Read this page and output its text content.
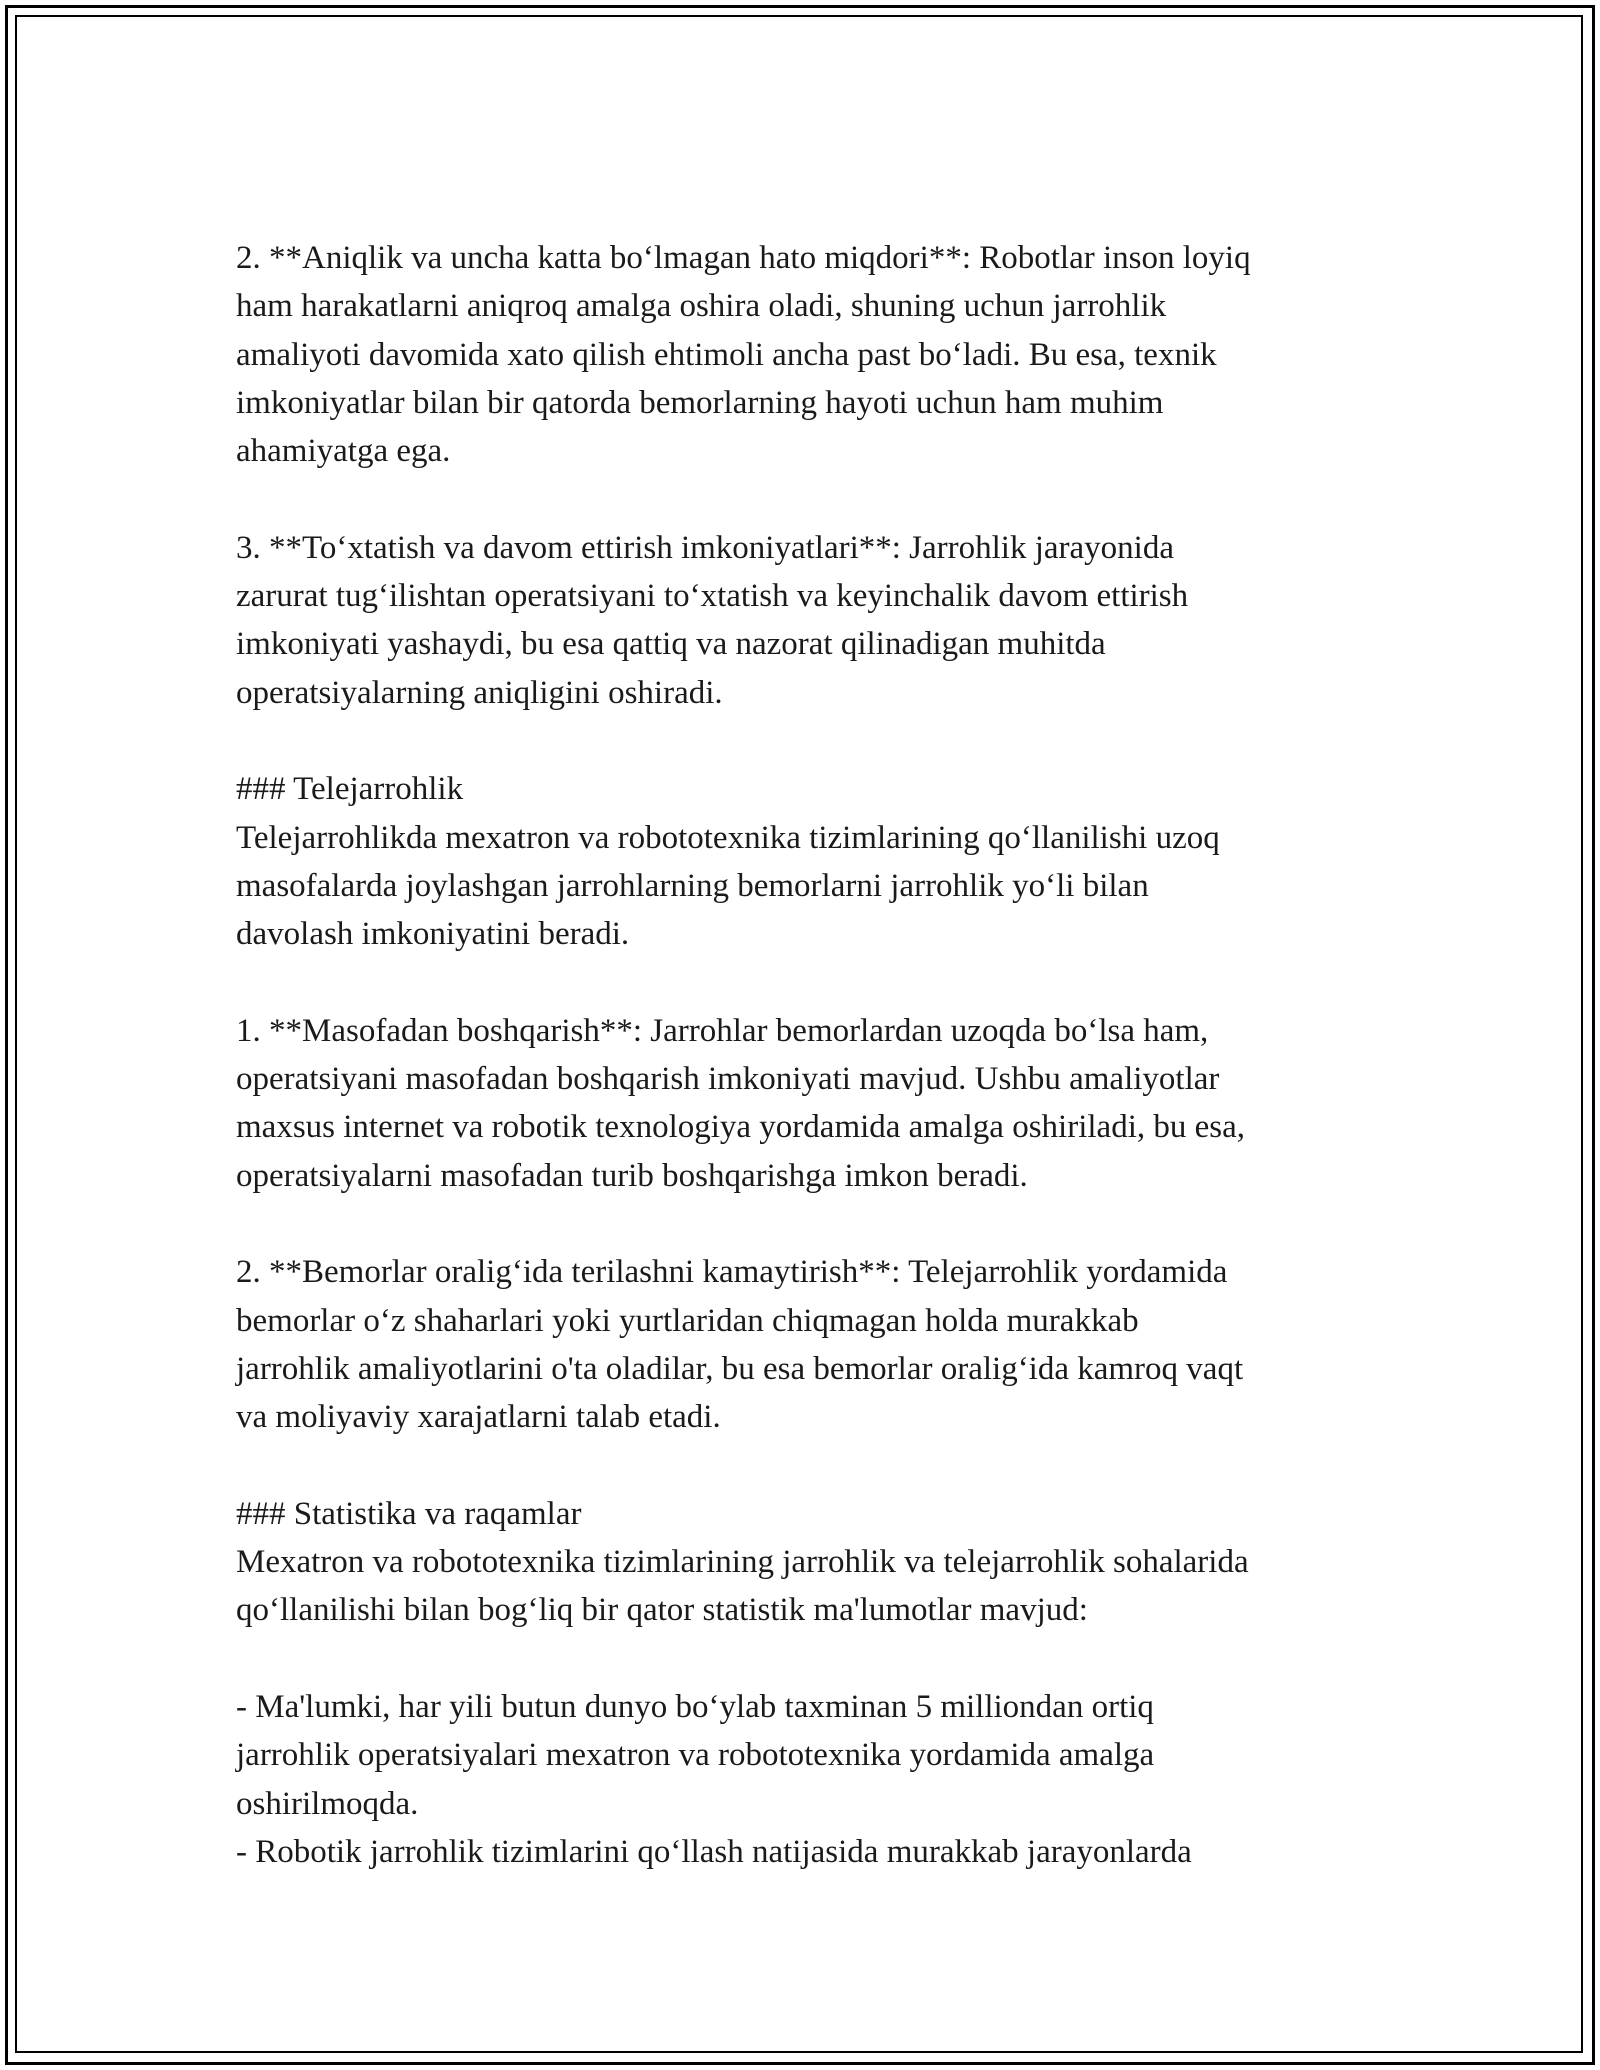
2. **Aniqlik va uncha katta bo‘lmagan hato miqdori**: Robotlar inson loyiq
ham harakatlarni aniqroq amalga oshira oladi, shuning uchun jarrohlik
amaliyoti davomida xato qilish ehtimoli ancha past bo‘ladi. Bu esa, texnik
imkoniyatlar bilan bir qatorda bemorlarning hayoti uchun ham muhim
ahamiyatga ega.
3. **To‘xtatish va davom ettirish imkoniyatlari**: Jarrohlik jarayonida
zarurat tug‘ilishtan operatsiyani to‘xtatish va keyinchalik davom ettirish
imkoniyati yashaydi, bu esa qattiq va nazorat qilinadigan muhitda
operatsiyalarning aniqligini oshiradi.
### Telejarrohlik
Telejarrohlikda mexatron va robototexnika tizimlarining qo‘llanilishi uzoq
masofalarda joylashgan jarrohlarning bemorlarni jarrohlik yo‘li bilan
davolash imkoniyatini beradi.
1. **Masofadan boshqarish**: Jarrohlar bemorlardan uzoqda bo‘lsa ham,
operatsiyani masofadan boshqarish imkoniyati mavjud. Ushbu amaliyotlar
maxsus internet va robotik texnologiya yordamida amalga oshiriladi, bu esa,
operatsiyalarni masofadan turib boshqarishga imkon beradi.
2. **Bemorlar oralig‘ida terilashni kamaytirish**: Telejarrohlik yordamida
bemorlar o‘z shaharlari yoki yurtlaridan chiqmagan holda murakkab
jarrohlik amaliyotlarini o'ta oladilar, bu esa bemorlar oralig‘ida kamroq vaqt
va moliyaviy xarajatlarni talab etadi.
### Statistika va raqamlar
Mexatron va robototexnika tizimlarining jarrohlik va telejarrohlik sohalarida
qo‘llanilishi bilan bog‘liq bir qator statistik ma'lumotlar mavjud:
- Ma'lumki, har yili butun dunyo bo‘ylab taxminan 5 milliondan ortiq
jarrohlik operatsiyalari mexatron va robototexnika yordamida amalga
oshirilmoqda.
- Robotik jarrohlik tizimlarini qo‘llash natijasida murakkab jarayonlarda
